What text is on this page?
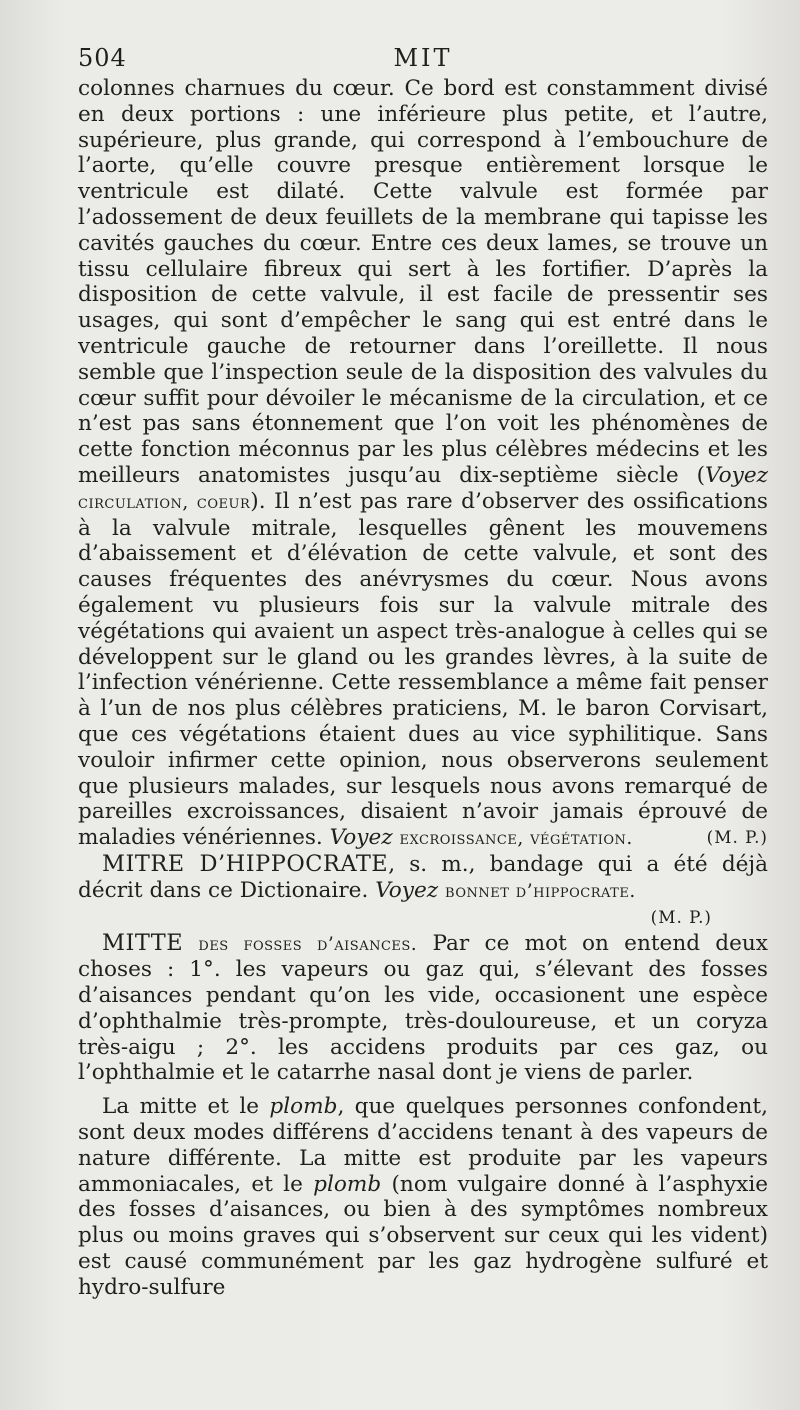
504	MIT

colonnes charnues du cœur. Ce bord est constamment divisé en deux portions : une inférieure plus petite, et l’autre, supérieure, plus grande, qui correspond à l’embouchure de l’aorte, qu’elle couvre presque entièrement lorsque le ventricule est dilaté. Cette valvule est formée par l’adossement de deux feuillets de la membrane qui tapisse les cavités gauches du cœur. Entre ces deux lames, se trouve un tissu cellulaire fibreux qui sert à les fortifier. D’après la disposition de cette valvule, il est facile de pressentir ses usages, qui sont d’empêcher le sang qui est entré dans le ventricule gauche de retourner dans l’oreillette. Il nous semble que l’inspection seule de la disposition des valvules du cœur suffit pour dévoiler le mécanisme de la circulation, et ce n’est pas sans étonnement que l’on voit les phénomènes de cette fonction méconnus par les plus célèbres médecins et les meilleurs anatomistes jusqu’au dix-septième siècle (Voyez circulation, coeur). Il n’est pas rare d’observer des ossifications à la valvule mitrale, lesquelles gênent les mouvemens d’abaissement et d’élévation de cette valvule, et sont des causes fréquentes des anévrysmes du cœur. Nous avons également vu plusieurs fois sur la valvule mitrale des végétations qui avaient un aspect très-analogue à celles qui se développent sur le gland ou les grandes lèvres, à la suite de l’infection vénérienne. Cette ressemblance a même fait penser à l’un de nos plus célèbres praticiens, M. le baron Corvisart, que ces végétations étaient dues au vice syphilitique. Sans vouloir infirmer cette opinion, nous observerons seulement que plusieurs malades, sur lesquels nous avons remarqué de pareilles excroissances, disaient n’avoir jamais éprouvé de maladies vénériennes. Voyez excroissance, végétation.	(M. P.)

MITRE D’HIPPOCRATE, s. m., bandage qui a été déjà décrit dans ce Dictionaire. Voyez bonnet d’hippocrate.

(M. P.)

MITTE des fosses d’aisances. Par ce mot on entend deux choses : 1°. les vapeurs ou gaz qui, s’élevant des fosses d’aisances pendant qu’on les vide, occasionent une espèce d’ophthalmie très-prompte, très-douloureuse, et un coryza très-aigu ; 2°. les accidens produits par ces gaz, ou l’ophthalmie et le catarrhe nasal dont je viens de parler.

La mitte et le plomb, que quelques personnes confondent, sont deux modes différens d’accidens tenant à des vapeurs de nature différente. La mitte est produite par les vapeurs ammoniacales, et le plomb (nom vulgaire donné à l’asphyxie des fosses d’aisances, ou bien à des symptômes nombreux plus ou moins graves qui s’observent sur ceux qui les vident) est causé communément par les gaz hydrogène sulfuré et hydro-sulfure
